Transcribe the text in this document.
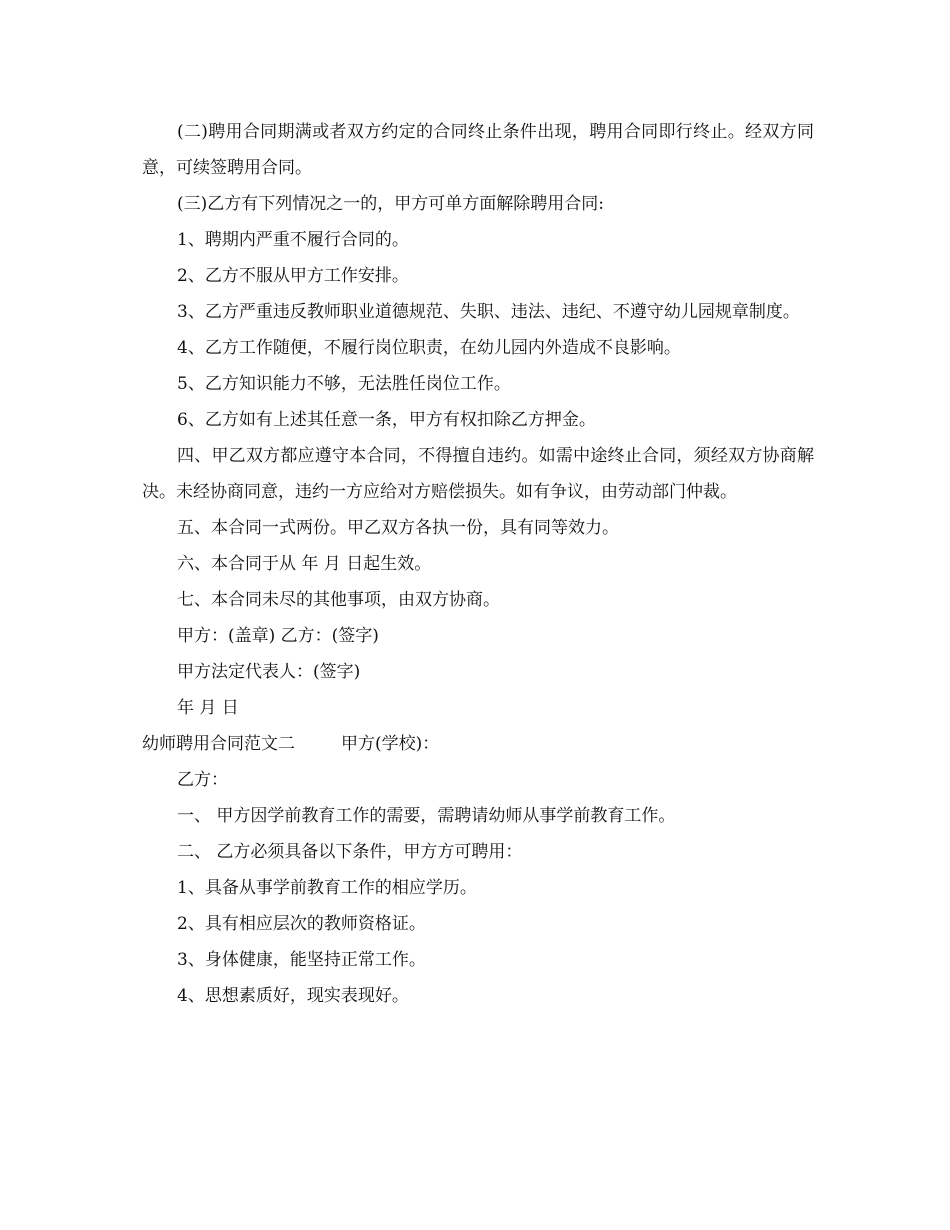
(二)聘用合同期满或者双方约定的合同终止条件出现，聘用合同即行终止。经双方同意，可续签聘用合同。

(三)乙方有下列情况之一的，甲方可单方面解除聘用合同:

1、聘期内严重不履行合同的。

2、乙方不服从甲方工作安排。

3、乙方严重违反教师职业道德规范、失职、违法、违纪、不遵守幼儿园规章制度。

4、乙方工作随便，不履行岗位职责，在幼儿园内外造成不良影响。

5、乙方知识能力不够，无法胜任岗位工作。

6、乙方如有上述其任意一条，甲方有权扣除乙方押金。

四、甲乙双方都应遵守本合同，不得擅自违约。如需中途终止合同，须经双方协商解决。未经协商同意，违约一方应给对方赔偿损失。如有争议，由劳动部门仲裁。

五、本合同一式两份。甲乙双方各执一份，具有同等效力。

六、本合同于从 年 月 日起生效。

七、本合同未尽的其他事项，由双方协商。

甲方：(盖章) 乙方：(签字)

甲方法定代表人：(签字)

年 月 日

幼师聘用合同范文二	甲方(学校)：

乙方：

一、 甲方因学前教育工作的需要，需聘请幼师从事学前教育工作。

二、 乙方必须具备以下条件，甲方方可聘用：

1、具备从事学前教育工作的相应学历。

2、具有相应层次的教师资格证。

3、身体健康，能坚持正常工作。

4、思想素质好，现实表现好。
